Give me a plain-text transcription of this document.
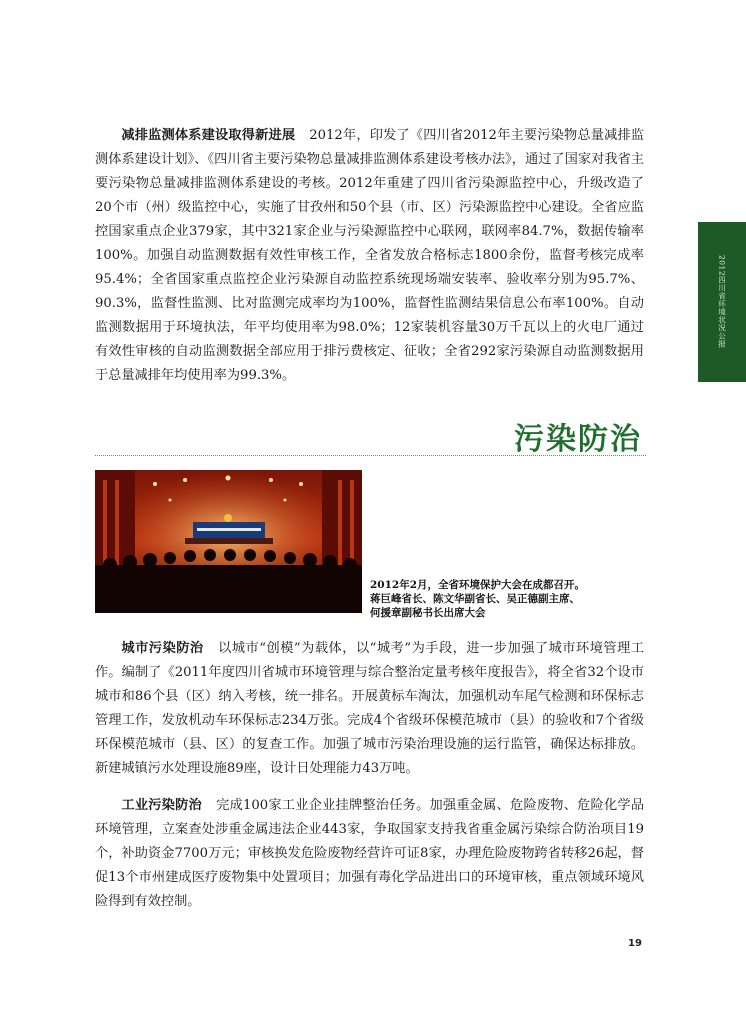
2012四川省环境状况公报

减排监测体系建设取得新进展 2012年，印发了《四川省2012年主要污染物总量减排监测体系建设计划》、《四川省主要污染物总量减排监测体系建设考核办法》，通过了国家对我省主要污染物总量减排监测体系建设的考核。2012年重建了四川省污染源监控中心，升级改造了20个市（州）级监控中心，实施了甘孜州和50个县（市、区）污染源监控中心建设。全省应监控国家重点企业379家，其中321家企业与污染源监控中心联网，联网率84.7%，数据传输率100%。加强自动监测数据有效性审核工作，全省发放合格标志1800余份，监督考核完成率95.4%；全省国家重点监控企业污染源自动监控系统现场端安装率、验收率分别为95.7%、90.3%，监督性监测、比对监测完成率均为100%，监督性监测结果信息公布率100%。自动监测数据用于环境执法，年平均使用率为98.0%；12家装机容量30万千瓦以上的火电厂通过有效性审核的自动监测数据全部应用于排污费核定、征收；全省292家污染源自动监测数据用于总量减排年均使用率为99.3%。

污染防治

2012年2月，全省环境保护大会在成都召开。
蒋巨峰省长、陈文华副省长、吴正德副主席、
何援章副秘书长出席大会

城市污染防治 以城市“创模”为载体，以“城考”为手段，进一步加强了城市环境管理工作。编制了《2011年度四川省城市环境管理与综合整治定量考核年度报告》，将全省32个设市城市和86个县（区）纳入考核，统一排名。开展黄标车淘汰，加强机动车尾气检测和环保标志管理工作，发放机动车环保标志234万张。完成4个省级环保模范城市（县）的验收和7个省级环保模范城市（县、区）的复查工作。加强了城市污染治理设施的运行监管，确保达标排放。新建城镇污水处理设施89座，设计日处理能力43万吨。

工业污染防治 完成100家工业企业挂牌整治任务。加强重金属、危险废物、危险化学品环境管理，立案查处涉重金属违法企业443家，争取国家支持我省重金属污染综合防治项目19个，补助资金7700万元；审核换发危险废物经营许可证8家，办理危险废物跨省转移26起，督促13个市州建成医疗废物集中处置项目；加强有毒化学品进出口的环境审核，重点领域环境风险得到有效控制。

19
